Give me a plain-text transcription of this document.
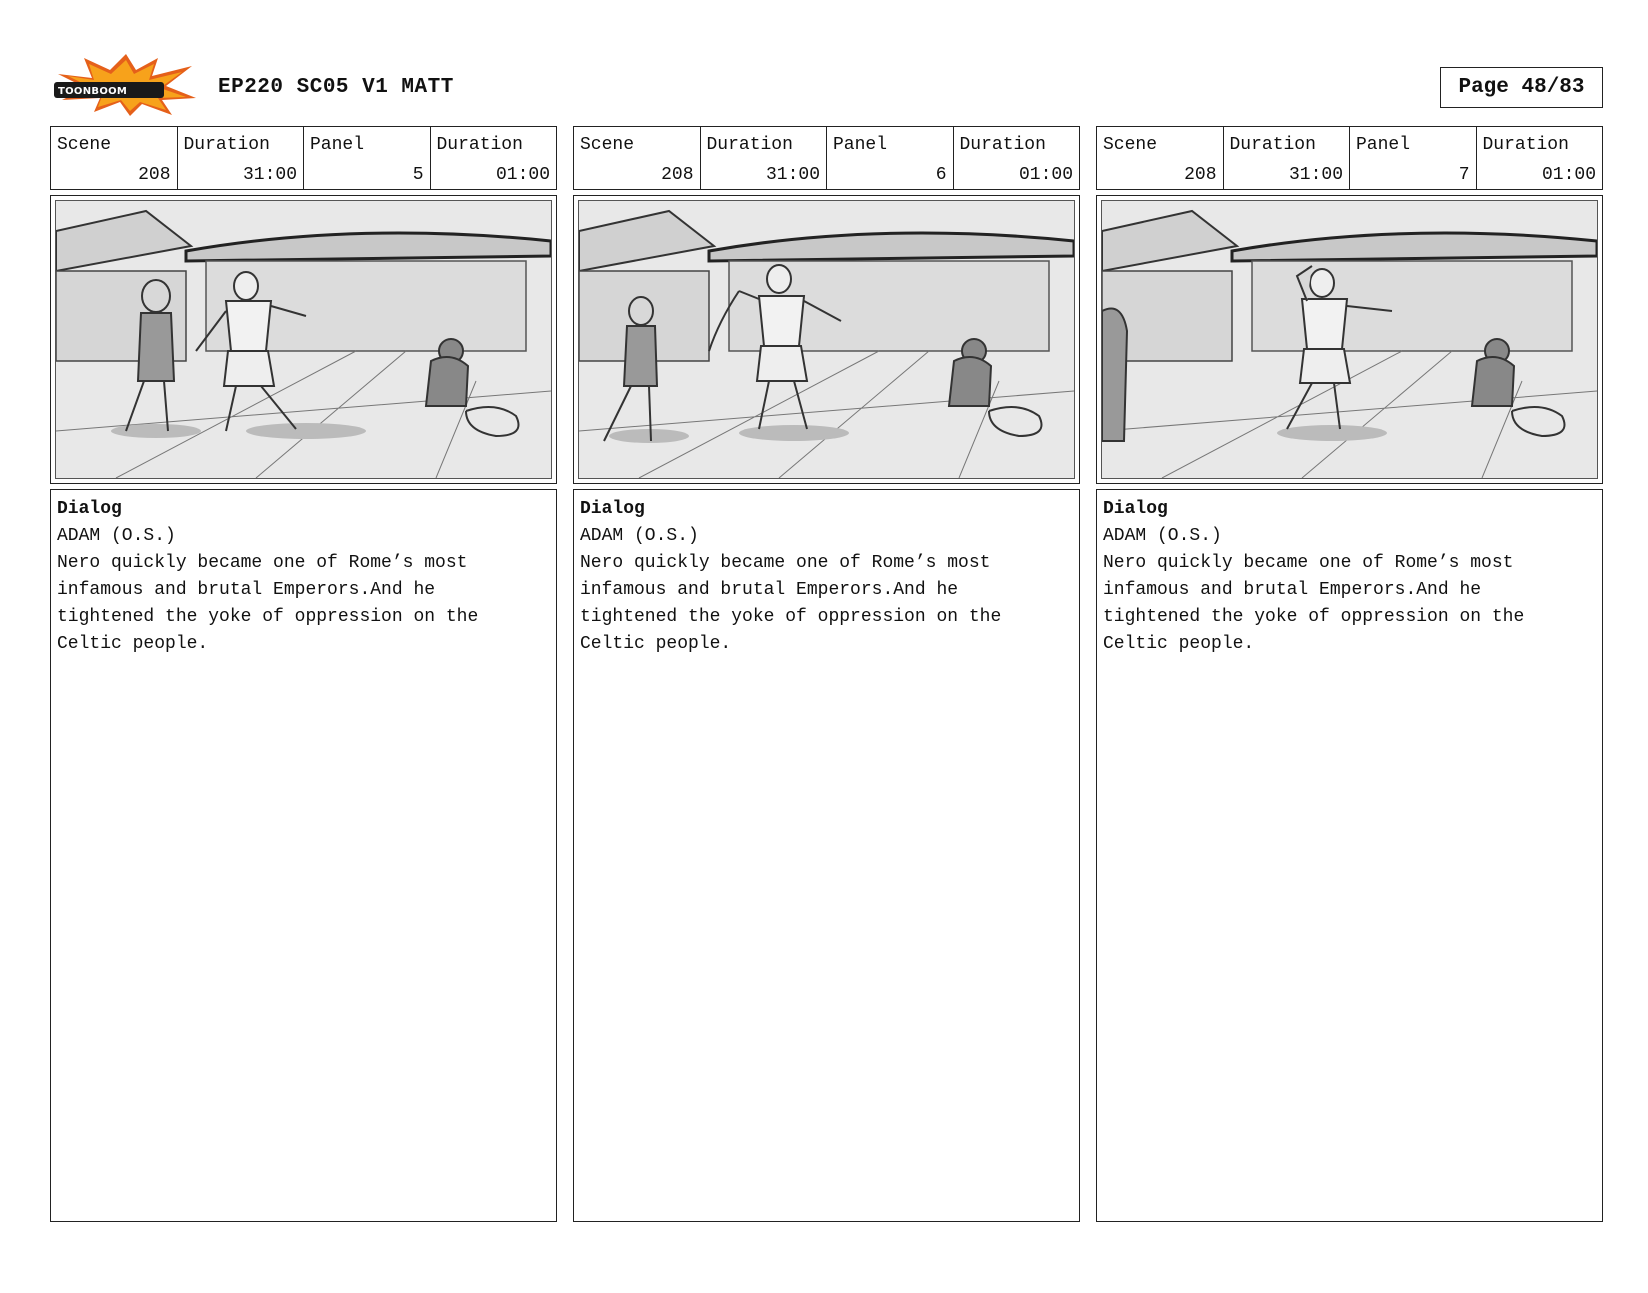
TOONBOOM	EP220 SC05 V1 MATT	Page
48/83
Scene
208
Duration
31:00
Panel
5
Duration
01:00
Dialog
ADAM (O.S.)
Nero quickly became one of Rome’s most
infamous and brutal Emperors.And he
tightened the yoke of oppression on the
Celtic people.
Scene
208
Duration
31:00
Panel
6
Duration
01:00
Dialog
ADAM (O.S.)
Nero quickly became one of Rome’s most
infamous and brutal Emperors.And he
tightened the yoke of oppression on the
Celtic people.
Scene
208
Duration
31:00
Panel
7
Duration
01:00
Dialog
ADAM (O.S.)
Nero quickly became one of Rome’s most
infamous and brutal Emperors.And he
tightened the yoke of oppression on the
Celtic people.
